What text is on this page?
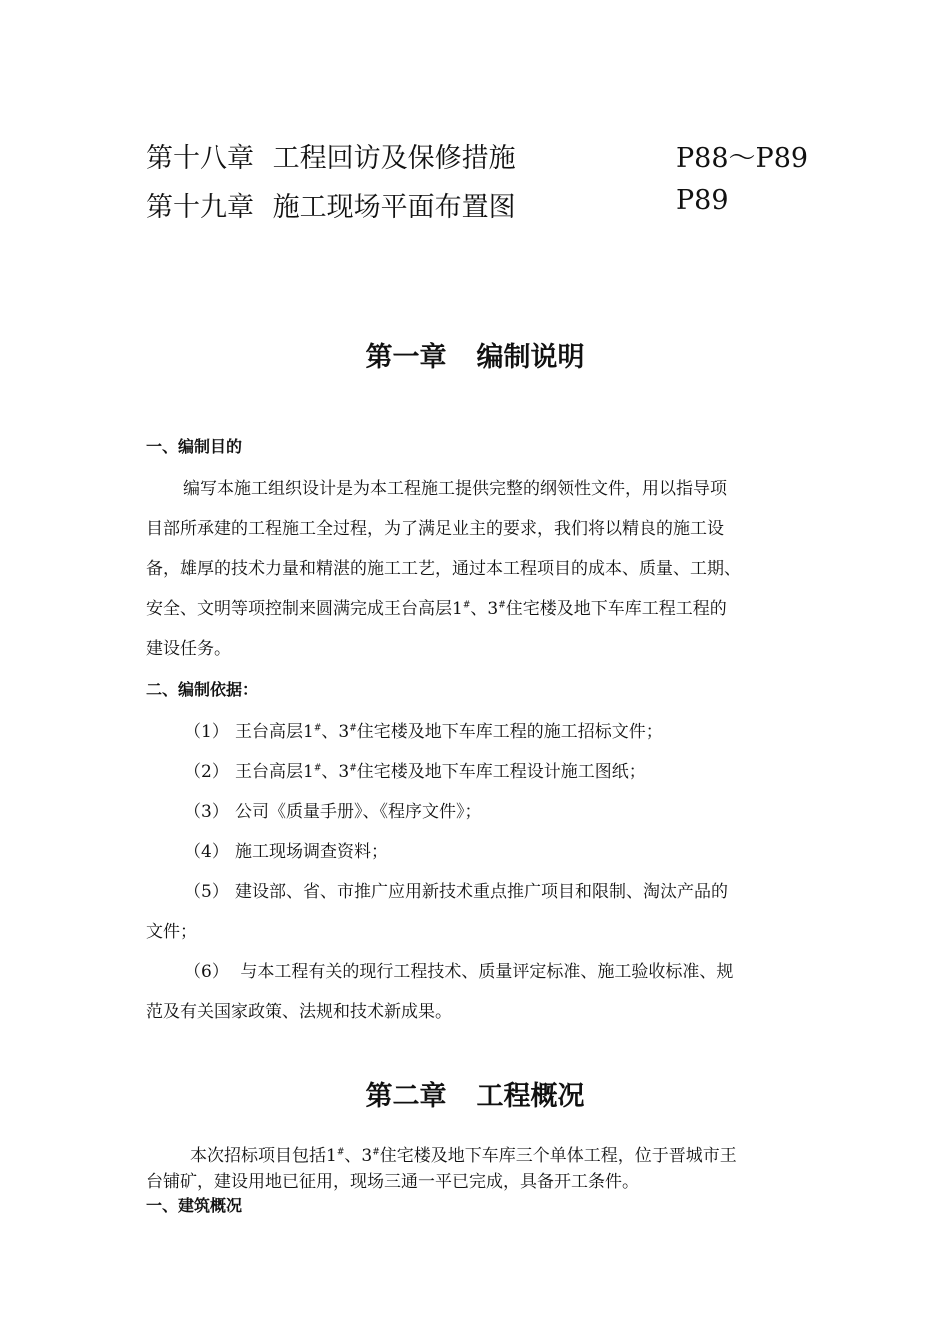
第十八章 工程回访及保修措施	P88～P89
第十九章 施工现场平面布置图	P89
第一章 编制说明
一、编制目的
编写本施工组织设计是为本工程施工提供完整的纲领性文件，用以指导项
目部所承建的工程施工全过程，为了满足业主的要求，我们将以精良的施工设
备，雄厚的技术力量和精湛的施工工艺，通过本工程项目的成本、质量、工期、
安全、文明等项控制来圆满完成王台高层1#、3#住宅楼及地下车库工程工程的
建设任务。
二、编制依据：
（1） 王台高层1#、3#住宅楼及地下车库工程的施工招标文件；
（2） 王台高层1#、3#住宅楼及地下车库工程设计施工图纸；
（3） 公司《质量手册》、《程序文件》；
（4） 施工现场调查资料；
（5） 建设部、省、市推广应用新技术重点推广项目和限制、淘汰产品的
文件；
（6） 与本工程有关的现行工程技术、质量评定标准、施工验收标准、规
范及有关国家政策、法规和技术新成果。
第二章 工程概况
本次招标项目包括1#、3#住宅楼及地下车库三个单体工程，位于晋城市王
台铺矿，建设用地已征用，现场三通一平已完成，具备开工条件。
一、建筑概况
